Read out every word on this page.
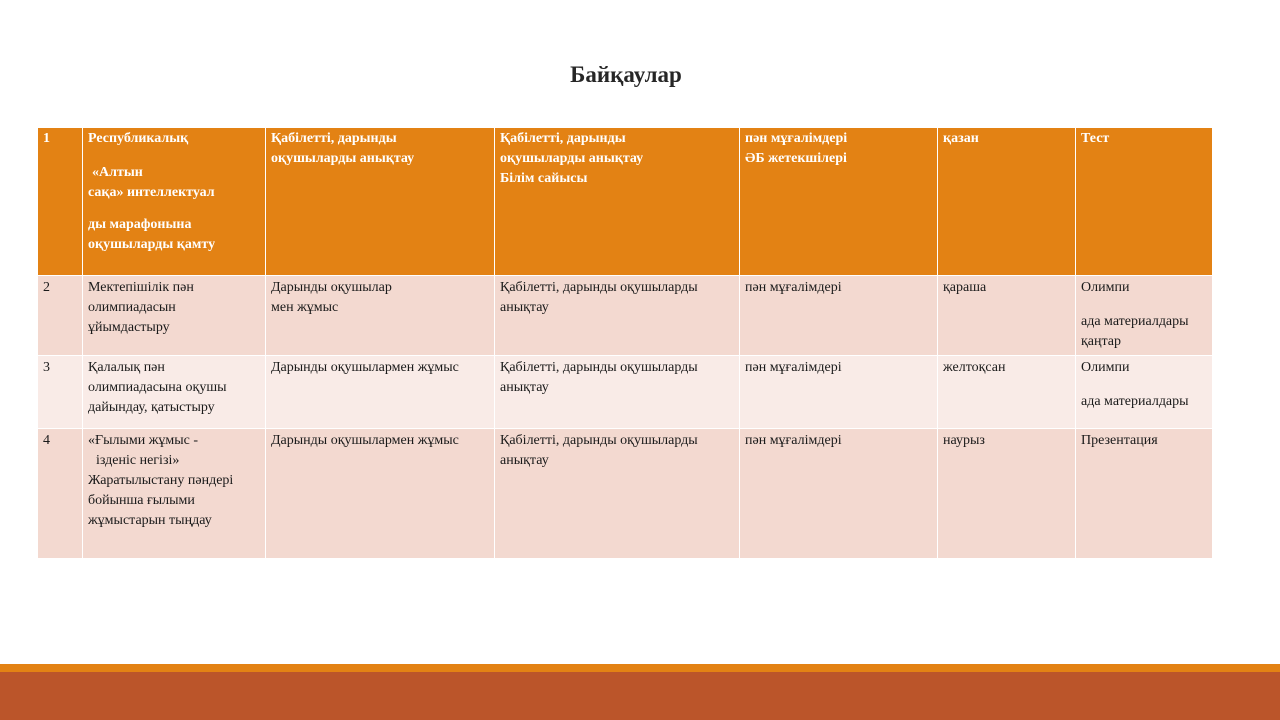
Байқаулар
1	Республикалық
«Алтын
сақа» интеллектуал
ды марафонына
оқушыларды қамту	Қабілетті, дарынды
оқушыларды анықтау	Қабілетті, дарынды
оқушыларды анықтау
Білім сайысы	пән мұғалімдері
ӘБ жетекшілері	қазан	Тест
2	Мектепішілік пән
олимпиадасын
ұйымдастыру	Дарынды оқушылар
мен жұмыс	Қабілетті, дарынды оқушыларды
анықтау	пән мұғалімдері	қараша	Олимпи
ада материалдары
қаңтар

3	Қалалық пән
олимпиадасына оқушы
дайындау, қатыстыру	Дарынды оқушылармен жұмыс	Қабілетті, дарынды оқушыларды
анықтау	пән мұғалімдері	желтоқсан	Олимпи
ада материалдары

4	«Ғылыми жұмыс -
ізденіс негізі»
Жаратылыстану пәндері
бойынша ғылыми
жұмыстарын тыңдау	Дарынды оқушылармен жұмыс	Қабілетті, дарынды оқушыларды
анықтау	пән мұғалімдері	наурыз	Презентация
